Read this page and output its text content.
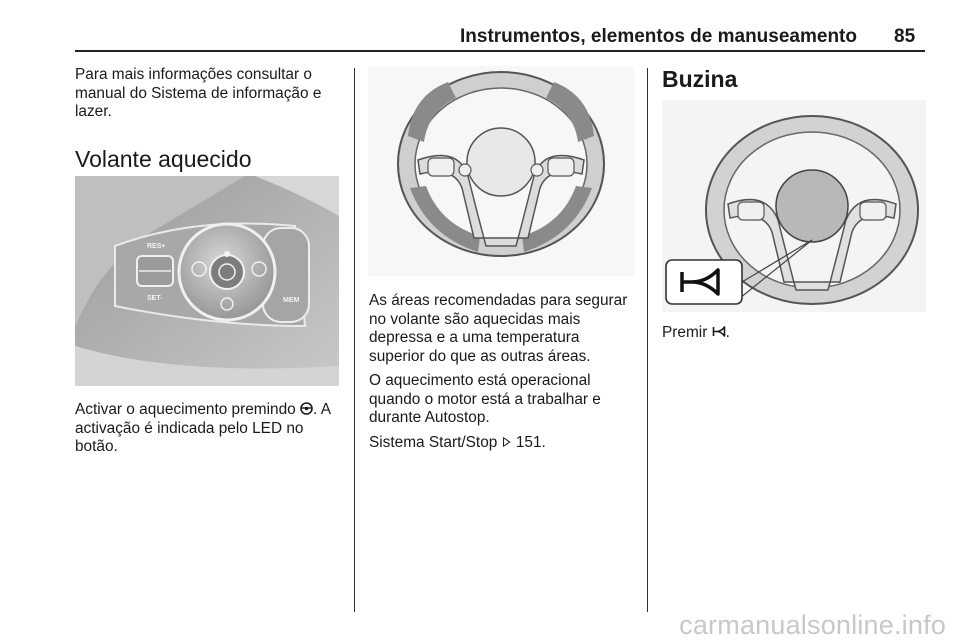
Instrumentos, elementos de manuseamento 85

Para mais informações consultar o manual do Sistema de informação e lazer.

Volante aquecido
RES+
SET-	MEM

Activar o aquecimento premindo . A activação é indicada pelo LED no botão.

As áreas recomendadas para segurar no volante são aquecidas mais depressa e a uma temperatura superior do que as outras áreas.

O aquecimento está operacional quando o motor está a trabalhar e durante Autostop.

Sistema Start/Stop  151.

Buzina

Premir .

carmanualsonline.info
